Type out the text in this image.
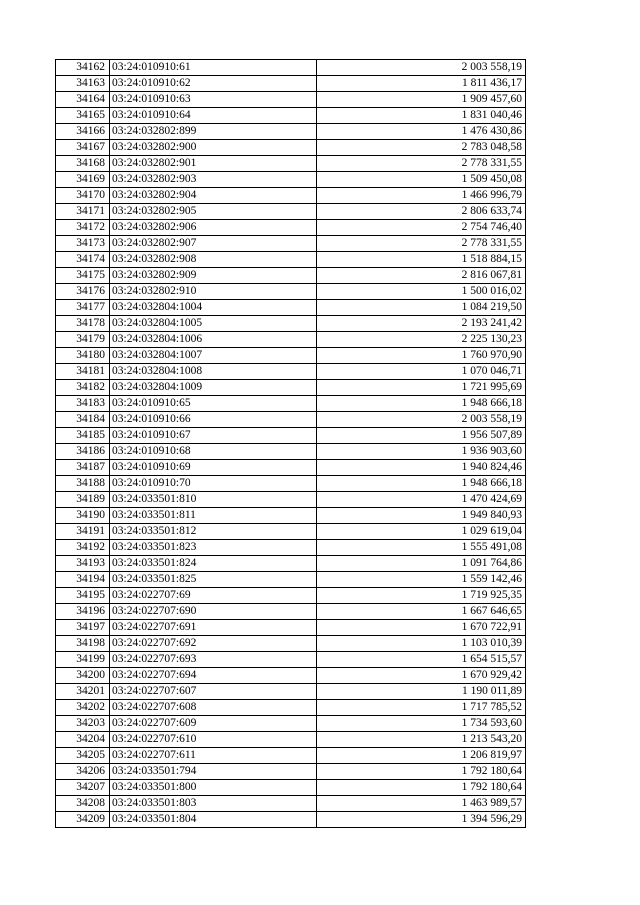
34162	03:24:010910:61	2 003 558,19
34163	03:24:010910:62	1 811 436,17
34164	03:24:010910:63	1 909 457,60
34165	03:24:010910:64	1 831 040,46
34166	03:24:032802:899	1 476 430,86
34167	03:24:032802:900	2 783 048,58
34168	03:24:032802:901	2 778 331,55
34169	03:24:032802:903	1 509 450,08
34170	03:24:032802:904	1 466 996,79
34171	03:24:032802:905	2 806 633,74
34172	03:24:032802:906	2 754 746,40
34173	03:24:032802:907	2 778 331,55
34174	03:24:032802:908	1 518 884,15
34175	03:24:032802:909	2 816 067,81
34176	03:24:032802:910	1 500 016,02
34177	03:24:032804:1004	1 084 219,50
34178	03:24:032804:1005	2 193 241,42
34179	03:24:032804:1006	2 225 130,23
34180	03:24:032804:1007	1 760 970,90
34181	03:24:032804:1008	1 070 046,71
34182	03:24:032804:1009	1 721 995,69
34183	03:24:010910:65	1 948 666,18
34184	03:24:010910:66	2 003 558,19
34185	03:24:010910:67	1 956 507,89
34186	03:24:010910:68	1 936 903,60
34187	03:24:010910:69	1 940 824,46
34188	03:24:010910:70	1 948 666,18
34189	03:24:033501:810	1 470 424,69
34190	03:24:033501:811	1 949 840,93
34191	03:24:033501:812	1 029 619,04
34192	03:24:033501:823	1 555 491,08
34193	03:24:033501:824	1 091 764,86
34194	03:24:033501:825	1 559 142,46
34195	03:24:022707:69	1 719 925,35
34196	03:24:022707:690	1 667 646,65
34197	03:24:022707:691	1 670 722,91
34198	03:24:022707:692	1 103 010,39
34199	03:24:022707:693	1 654 515,57
34200	03:24:022707:694	1 670 929,42
34201	03:24:022707:607	1 190 011,89
34202	03:24:022707:608	1 717 785,52
34203	03:24:022707:609	1 734 593,60
34204	03:24:022707:610	1 213 543,20
34205	03:24:022707:611	1 206 819,97
34206	03:24:033501:794	1 792 180,64
34207	03:24:033501:800	1 792 180,64
34208	03:24:033501:803	1 463 989,57
34209	03:24:033501:804	1 394 596,29
